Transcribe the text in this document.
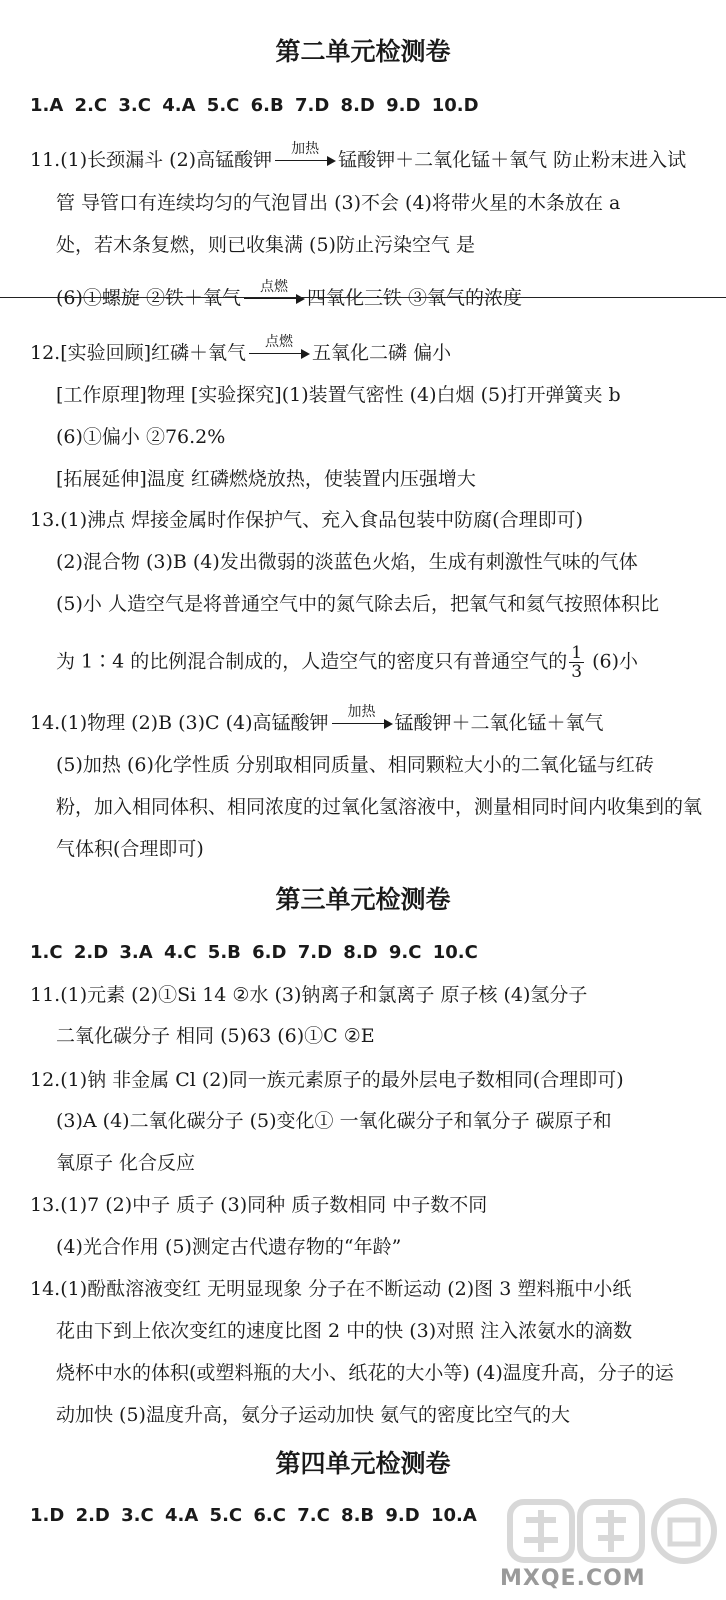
第二单元检测卷
1.A 2.C 3.C 4.A 5.C 6.B 7.D 8.D 9.D 10.D
11.(1)长颈漏斗 (2)高锰酸钾	加热	锰酸钾＋二氧化锰＋氧气 防止粉末进入试
管 导管口有连续均匀的气泡冒出 (3)不会 (4)将带火星的木条放在 a
处，若木条复燃，则已收集满 (5)防止污染空气 是
(6)①螺旋 ②铁＋氧气	点燃	四氧化三铁 ③氧气的浓度
12.[实验回顾]红磷＋氧气	点燃	五氧化二磷 偏小
[工作原理]物理 [实验探究](1)装置气密性 (4)白烟 (5)打开弹簧夹 b
(6)①偏小 ②76.2%
[拓展延伸]温度 红磷燃烧放热，使装置内压强增大
13.(1)沸点 焊接金属时作保护气、充入食品包装中防腐(合理即可)
(2)混合物 (3)B (4)发出微弱的淡蓝色火焰，生成有刺激性气味的气体
(5)小 人造空气是将普通空气中的氮气除去后，把氧气和氦气按照体积比
为 1∶4 的比例混合制成的，人造空气的密度只有普通空气的 $\frac{1}{3} (6)$小
14.(1)物理 (2)B (3)C (4)高锰酸钾	加热	锰酸钾＋二氧化锰＋氧气
(5)加热 (6)化学性质 分别取相同质量、相同颗粒大小的二氧化锰与红砖
粉，加入相同体积、相同浓度的过氧化氢溶液中，测量相同时间内收集到的氧
气体积(合理即可)
第三单元检测卷
1.C 2.D 3.A 4.C 5.B 6.D 7.D 8.D 9.C 10.C
11.(1)元素 (2)①Si 14 ②水 (3)钠离子和氯离子 原子核 (4)氢分子
二氧化碳分子 相同 (5)63 (6)①C ②E
12.(1)钠 非金属 Cl (2)同一族元素原子的最外层电子数相同(合理即可)
(3)A (4)二氧化碳分子 (5)变化① 一氧化碳分子和氧分子 碳原子和
氧原子 化合反应
13.(1)7 (2)中子 质子 (3)同种 质子数相同 中子数不同
(4)光合作用 (5)测定古代遗存物的“年龄”
14.(1)酚酞溶液变红 无明显现象 分子在不断运动 (2)图 3 塑料瓶中小纸
花由下到上依次变红的速度比图 2 中的快 (3)对照 注入浓氨水的滴数
烧杯中水的体积(或塑料瓶的大小、纸花的大小等) (4)温度升高，分子的运
动加快 (5)温度升高，氨分子运动加快 氨气的密度比空气的大
第四单元检测卷
1.D 2.D 3.C 4.A 5.C 6.C 7.C 8.B 9.D 10.A
MXQE.COM
